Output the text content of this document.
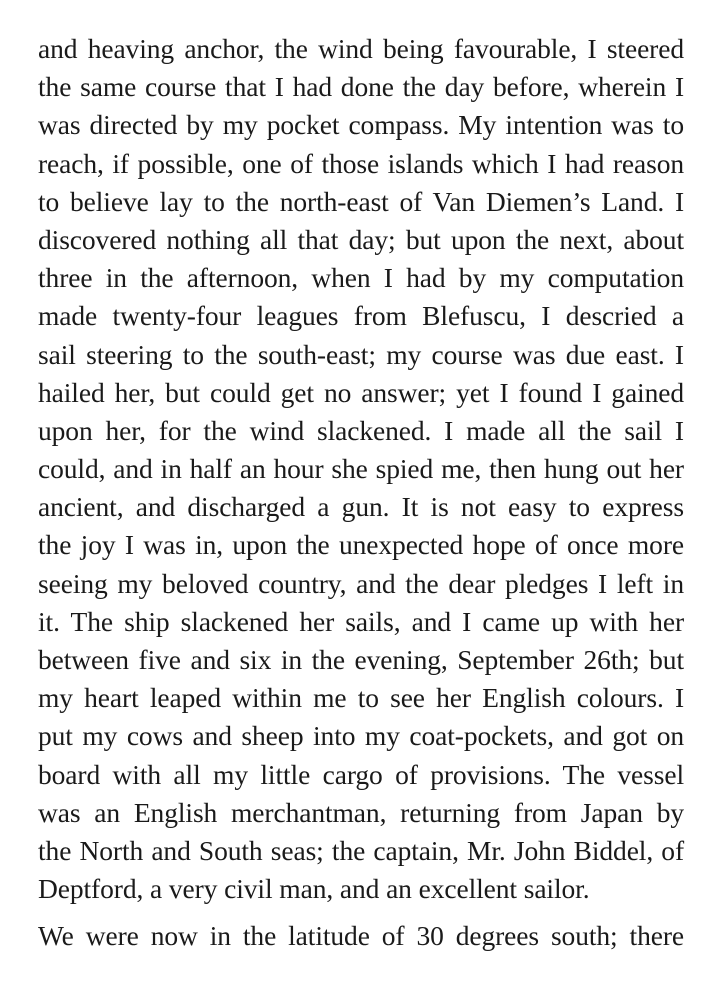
and heaving anchor, the wind being favourable, I steered
the same course that I had done the day before, wherein I
was directed by my pocket compass. My intention was to
reach, if possible, one of those islands which I had reason
to believe lay to the north-east of Van Diemen’s Land. I
discovered nothing all that day; but upon the next, about
three in the afternoon, when I had by my computation
made twenty-four leagues from Blefuscu, I descried a
sail steering to the south-east; my course was due east. I
hailed her, but could get no answer; yet I found I gained
upon her, for the wind slackened. I made all the sail I
could, and in half an hour she spied me, then hung out her
ancient, and discharged a gun. It is not easy to express
the joy I was in, upon the unexpected hope of once more
seeing my beloved country, and the dear pledges I left in
it. The ship slackened her sails, and I came up with her
between five and six in the evening, September 26th; but
my heart leaped within me to see her English colours. I
put my cows and sheep into my coat-pockets, and got on
board with all my little cargo of provisions. The vessel
was an English merchantman, returning from Japan by
the North and South seas; the captain, Mr. John Biddel, of
Deptford, a very civil man, and an excellent sailor.
We were now in the latitude of 30 degrees south; there
